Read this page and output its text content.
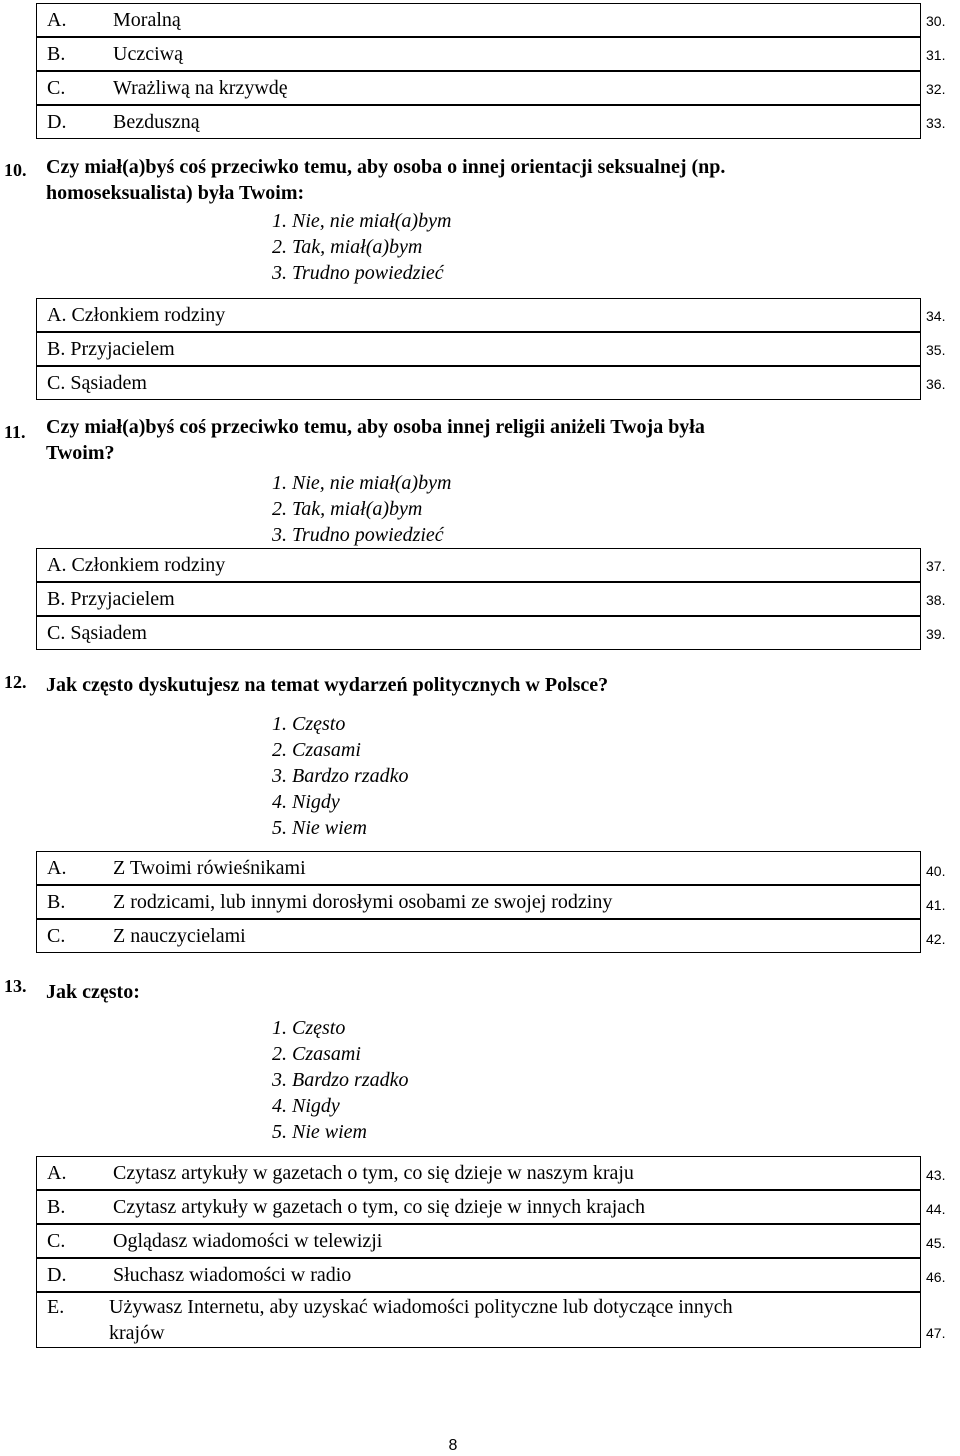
A. Moralną	30.
B. Uczciwą	31.
C. Wrażliwą na krzywdę	32.
D. Bezduszną	33.
10. Czy miał(a)byś coś przeciwko temu, aby osoba o innej orientacji seksualnej (np.
homoseksualista) była Twoim:
1. Nie, nie miał(a)bym
2. Tak, miał(a)bym
3. Trudno powiedzieć
A. Członkiem rodziny	34.
B. Przyjacielem	35.
C. Sąsiadem	36.
11. Czy miał(a)byś coś przeciwko temu, aby osoba innej religii aniżeli Twoja była
Twoim?
1. Nie, nie miał(a)bym
2. Tak, miał(a)bym
3. Trudno powiedzieć
A. Członkiem rodziny	37.
B. Przyjacielem	38.
C. Sąsiadem	39.
12. Jak często dyskutujesz na temat wydarzeń politycznych w Polsce?
1. Często
2. Czasami
3. Bardzo rzadko
4. Nigdy
5. Nie wiem
A. Z Twoimi rówieśnikami	40.
B. Z rodzicami, lub innymi dorosłymi osobami ze swojej rodziny	41.
C. Z nauczycielami	42.
13. Jak często:
1. Często
2. Czasami
3. Bardzo rzadko
4. Nigdy
5. Nie wiem
A. Czytasz artykuły w gazetach o tym, co się dzieje w naszym kraju	43.
B. Czytasz artykuły w gazetach o tym, co się dzieje w innych krajach	44.
C. Oglądasz wiadomości w telewizji	45.
D. Słuchasz wiadomości w radio	46.
E. Używasz Internetu, aby uzyskać wiadomości polityczne lub dotyczące innych
krajów	47.
8
